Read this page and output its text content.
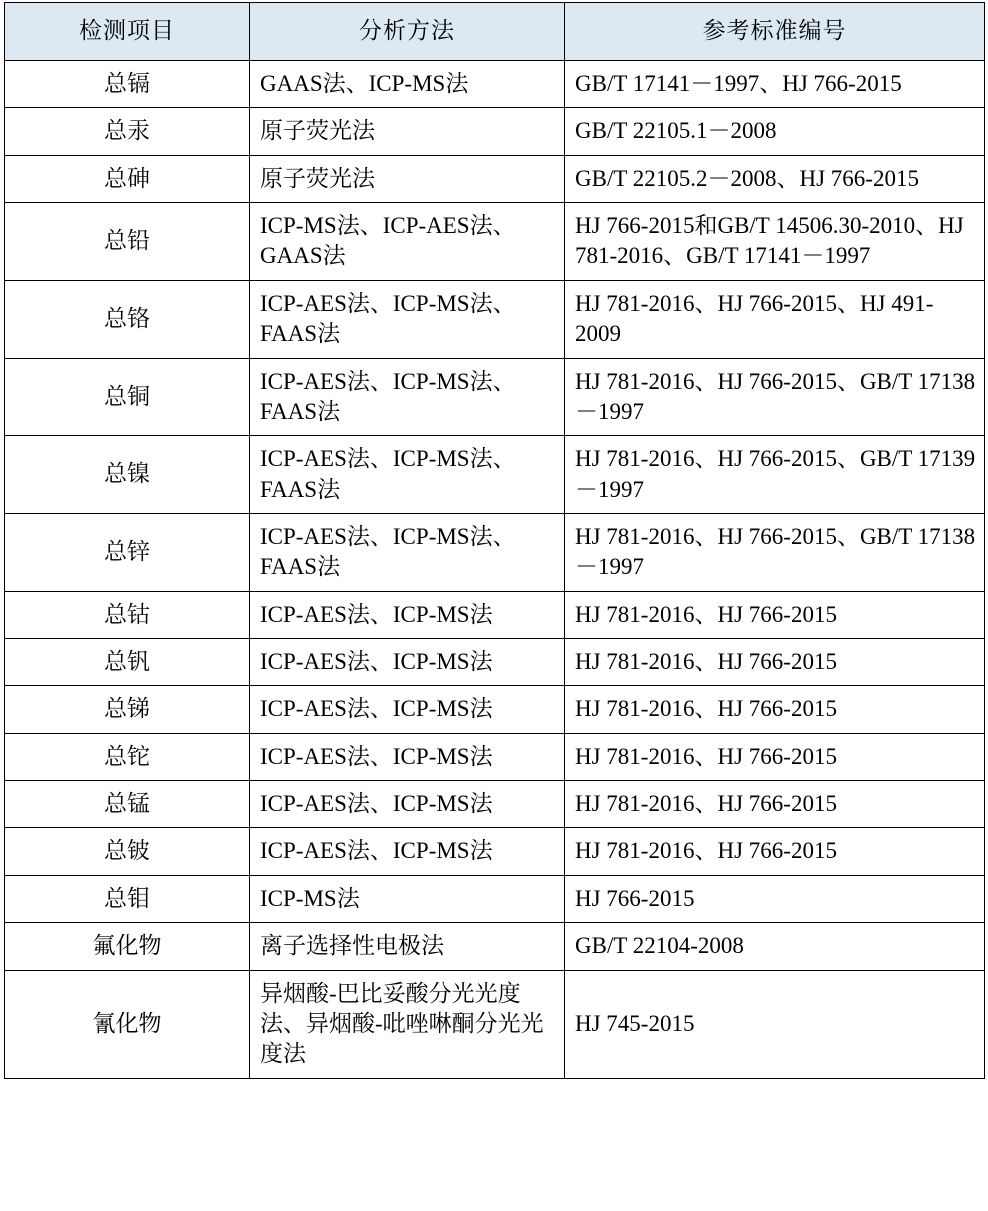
检测项目	分析方法	参考标准编号
总镉	GAAS法、ICP-MS法	GB/T 17141－1997、HJ 766-2015
总汞	原子荧光法	GB/T 22105.1－2008
总砷	原子荧光法	GB/T 22105.2－2008、HJ 766-2015
总铅	ICP-MS法、ICP-AES法、GAAS法	HJ 766-2015和GB/T 14506.30-2010、HJ 781-2016、GB/T 17141－1997
总铬	ICP-AES法、ICP-MS法、FAAS法	HJ 781-2016、HJ 766-2015、HJ 491-2009
总铜	ICP-AES法、ICP-MS法、FAAS法	HJ 781-2016、HJ 766-2015、GB/T 17138－1997
总镍	ICP-AES法、ICP-MS法、FAAS法	HJ 781-2016、HJ 766-2015、GB/T 17139－1997
总锌	ICP-AES法、ICP-MS法、FAAS法	HJ 781-2016、HJ 766-2015、GB/T 17138－1997
总钴	ICP-AES法、ICP-MS法	HJ 781-2016、HJ 766-2015
总钒	ICP-AES法、ICP-MS法	HJ 781-2016、HJ 766-2015
总锑	ICP-AES法、ICP-MS法	HJ 781-2016、HJ 766-2015
总铊	ICP-AES法、ICP-MS法	HJ 781-2016、HJ 766-2015
总锰	ICP-AES法、ICP-MS法	HJ 781-2016、HJ 766-2015
总铍	ICP-AES法、ICP-MS法	HJ 781-2016、HJ 766-2015
总钼	ICP-MS法	HJ 766-2015
氟化物	离子选择性电极法	GB/T 22104-2008
氰化物	异烟酸-巴比妥酸分光光度法、异烟酸-吡唑啉酮分光光度法	HJ 745-2015
